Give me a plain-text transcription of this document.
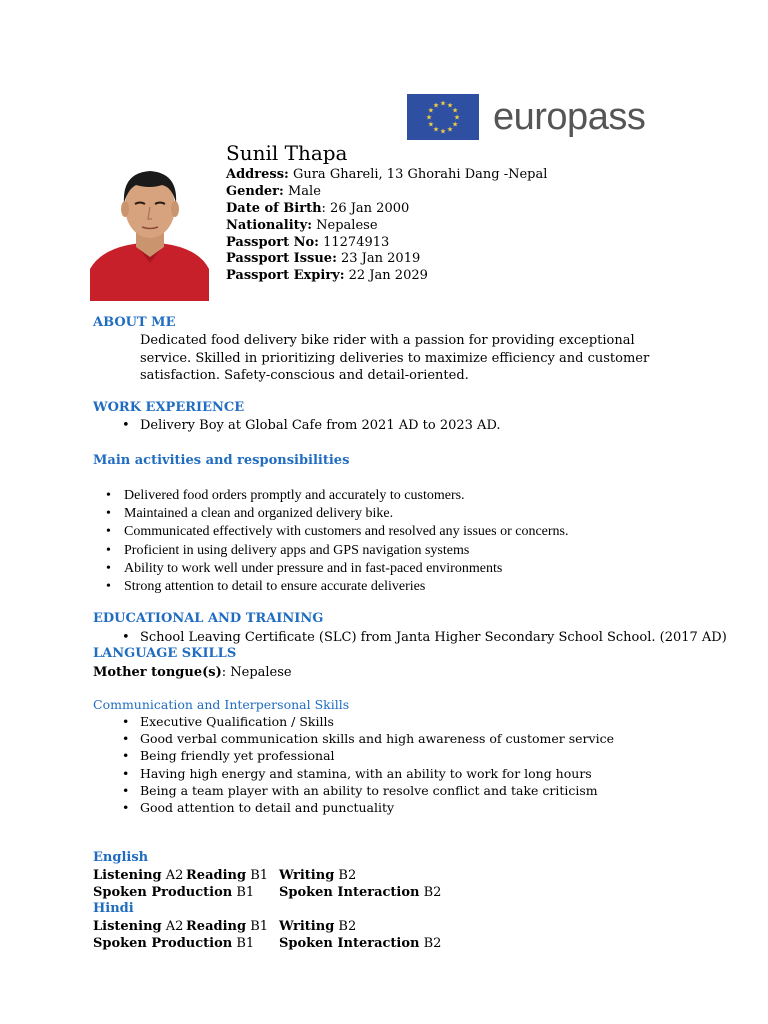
★ ★
★
★
★
★
★
★
★
★
★
★ europass
Sunil Thapa
Address: Gura Ghareli, 13 Ghorahi Dang -Nepal
Gender: Male
Date of Birth: 26 Jan 2000
Nationality: Nepalese
Passport No: 11274913
Passport Issue: 23 Jan 2019
Passport Expiry: 22 Jan 2029
ABOUT ME
Dedicated food delivery bike rider with a passion for providing exceptional
service. Skilled in prioritizing deliveries to maximize efficiency and customer
satisfaction. Safety-conscious and detail-oriented.
WORK EXPERIENCE
• Delivery Boy at Global Cafe from 2021 AD to 2023 AD.
Main activities and responsibilities
• Delivered food orders promptly and accurately to customers.
• Maintained a clean and organized delivery bike.
• Communicated effectively with customers and resolved any issues or concerns.
• Proficient in using delivery apps and GPS navigation systems
• Ability to work well under pressure and in fast-paced environments
• Strong attention to detail to ensure accurate deliveries
EDUCATIONAL AND TRAINING
• School Leaving Certificate (SLC) from Janta Higher Secondary School School. (2017 AD)
LANGUAGE SKILLS
Mother tongue(s): Nepalese
Communication and Interpersonal Skills
• Executive Qualification / Skills
• Good verbal communication skills and high awareness of customer service
• Being friendly yet professional
• Having high energy and stamina, with an ability to work for long hours
• Being a team player with an ability to resolve conflict and take criticism
• Good attention to detail and punctuality
English
Listening A2 Reading B1 Writing B2
Spoken Production B1 Spoken Interaction B2
Hindi
Listening A2 Reading B1 Writing B2
Spoken Production B1 Spoken Interaction B2
